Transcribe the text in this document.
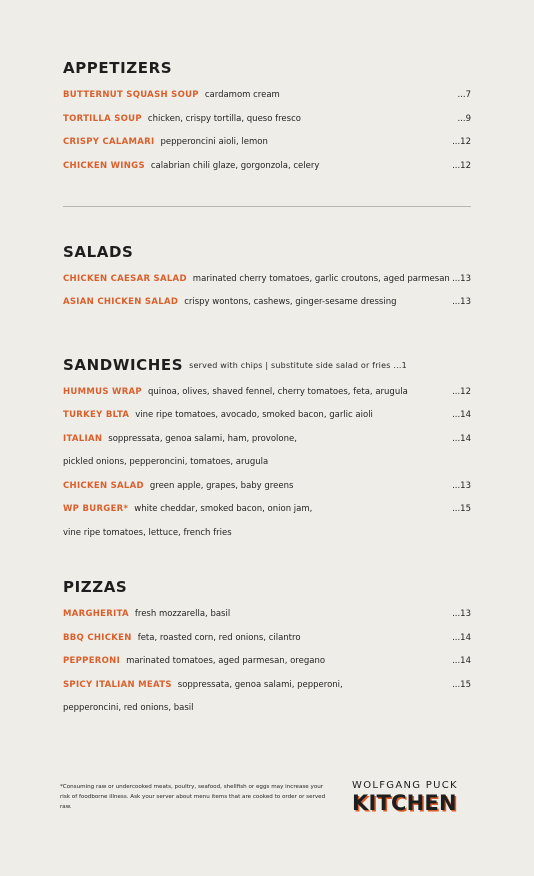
APPETIZERS
BUTTERNUT SQUASH SOUP cardamom cream	...7
TORTILLA SOUP chicken, crispy tortilla, queso fresco	...9
CRISPY CALAMARI pepperoncini aioli, lemon	...12
CHICKEN WINGS calabrian chili glaze, gorgonzola, celery	...12
SALADS
CHICKEN CAESAR SALAD marinated cherry tomatoes, garlic croutons, aged parmesan ...13
ASIAN CHICKEN SALAD crispy wontons, cashews, ginger-sesame dressing	...13
SANDWICHES served with chips | substitute side salad or fries ...1
HUMMUS WRAP quinoa, olives, shaved fennel, cherry tomatoes, feta, arugula	...12
TURKEY BLTA vine ripe tomatoes, avocado, smoked bacon, garlic aioli	...14
ITALIAN soppressata, genoa salami, ham, provolone,	...14
pickled onions, pepperoncini, tomatoes, arugula
CHICKEN SALAD green apple, grapes, baby greens	...13
WP BURGER* white cheddar, smoked bacon, onion jam,	...15
vine ripe tomatoes, lettuce, french fries
PIZZAS
MARGHERITA fresh mozzarella, basil	...13
BBQ CHICKEN feta, roasted corn, red onions, cilantro	...14
PEPPERONI marinated tomatoes, aged parmesan, oregano	...14
SPICY ITALIAN MEATS soppressata, genoa salami, pepperoni,	...15
pepperoncini, red onions, basil
*Consuming raw or undercooked meats, poultry, seafood, shellfish or eggs may increase your risk of foodborne illness. Ask your server about menu items that are cooked to order or served raw.
WOLFGANG PUCK
KITCHEN
